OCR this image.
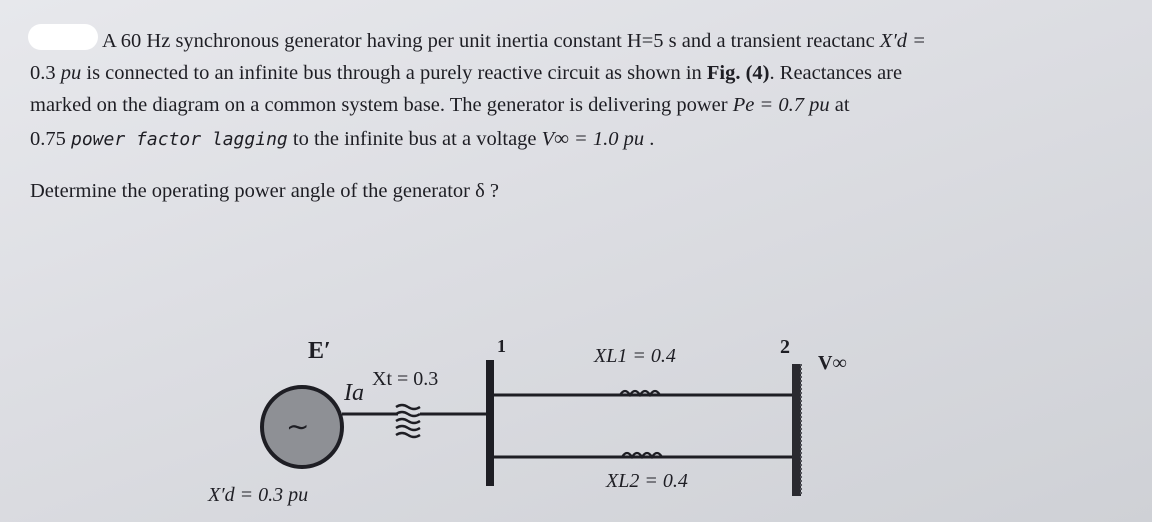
A 60 Hz synchronous generator having per unit inertia constant H=5 s and a transient reactanc X′d =
0.3 pu is connected to an infinite bus through a purely reactive circuit as shown in Fig. (4). Reactances are
marked on the diagram on a common system base. The generator is delivering power Pe = 0.7 pu at
0.75 power factor lagging to the infinite bus at a voltage V∞ = 1.0 pu .
Determine the operating power angle of the generator δ ?
∼
E′
Ia
Xt = 0.3
1	2
XL1 = 0.4
XL2 = 0.4
V∞
X′d = 0.3 pu
